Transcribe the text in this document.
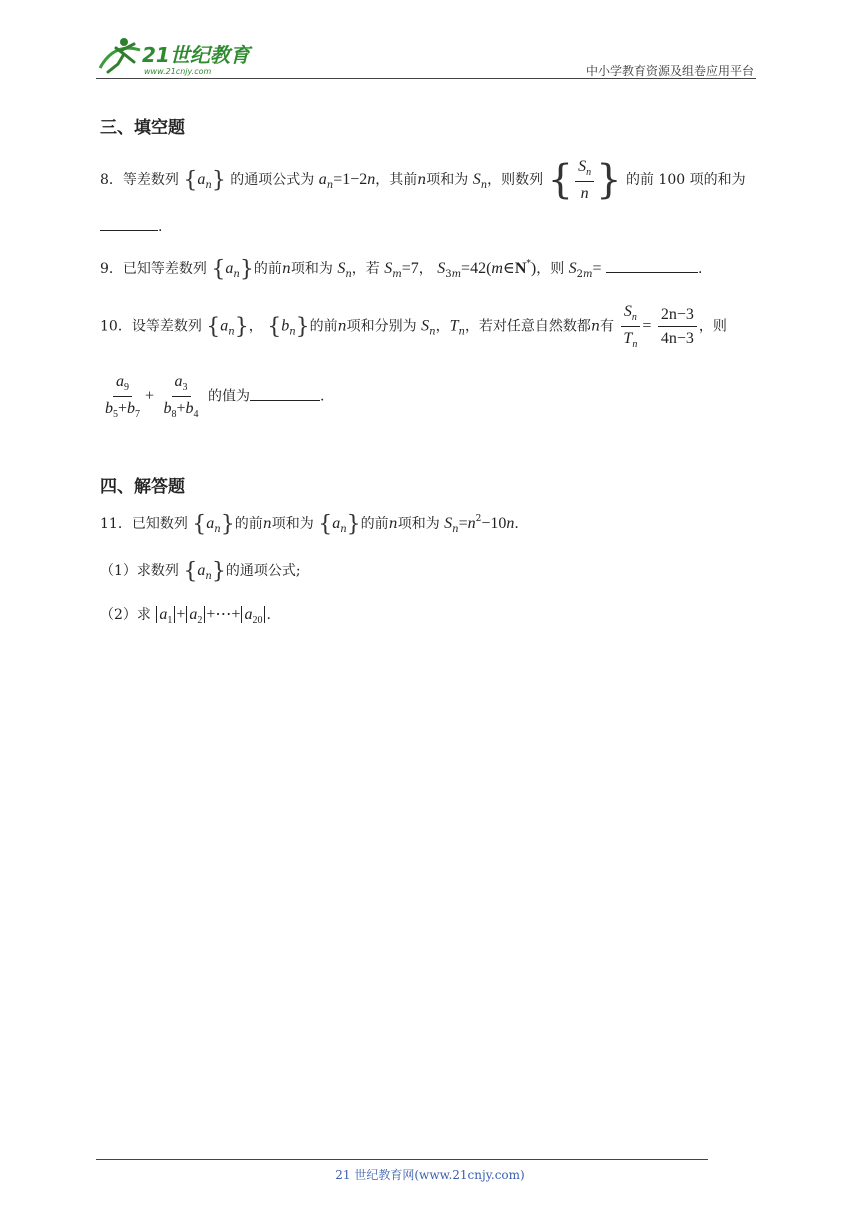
21世纪教育
www.21cnjy.com	中小学教育资源及组卷应用平台
三、填空题
8．等差数列 $\{a_n\}$ 的通项公式为 $a_n=1-2n$，其前n项和为 $S_n$，则数列 { $\frac{S_n}{n}$ } 的前 100 项的和为
.
9．已知等差数列 $\{a_n\}$的前n项和为 $S_n$，若 $S_m=7$， $S_{3m}=42(m\in N^*)$，则 $S_{2m}=$	.
10．设等差数列 $\{a_n\}$， $\{b_n\}$的前n项和分别为 $S_n$，$T_n$，若对任意自然数都n有 $\frac{S_n}{T_n} = \frac{2n-3}{4n-3}$ ，则
$\frac{a_9}{b_5+b_7} + \frac{a_3}{b_8+b_4}$ 的值为	.
四、解答题
11．已知数列 $\{a_n\}$的前n项和为 $\{a_n\}$的前n项和为 $S_n=n^2-10n$.
（1）求数列 $\{a_n\}$的通项公式;
（2）求 $a_1 + a_2$ +⋯+ $a_{20}$ .
21 世纪教育网(www.21cnjy.com)
